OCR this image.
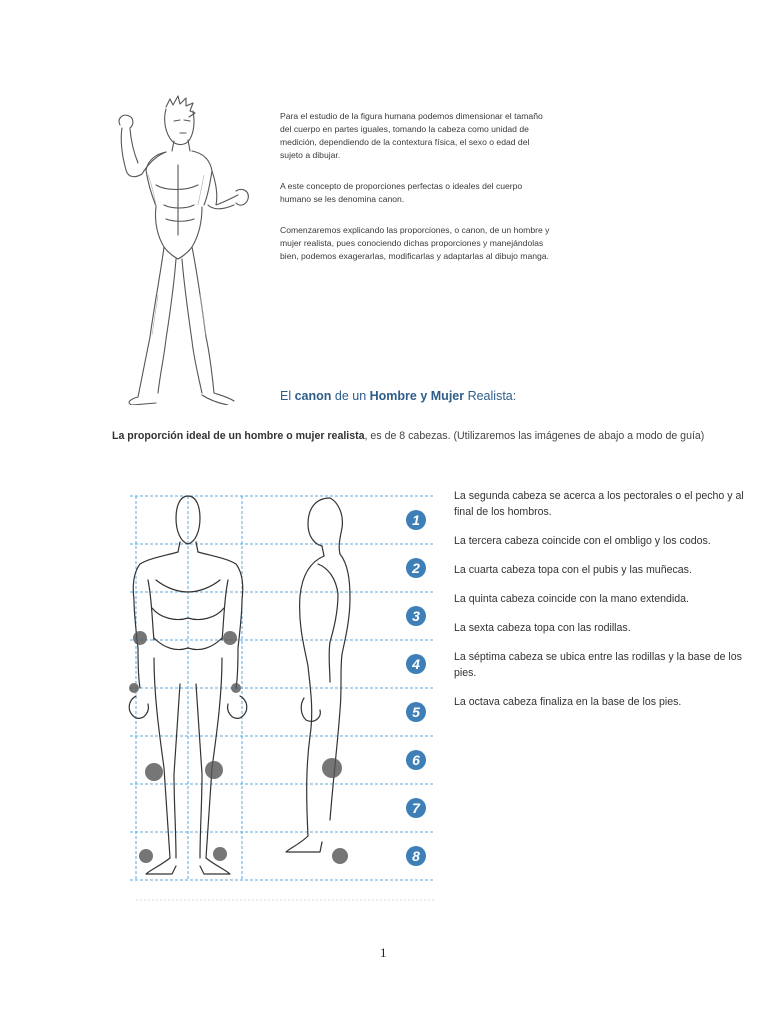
Para el estudio de la figura humana podemos dimensionar el tamaño del cuerpo en partes iguales, tomando la cabeza como unidad de medición, dependiendo de la contextura física, el sexo o edad del sujeto a dibujar.

A este concepto de proporciones perfectas o ideales del cuerpo humano se les denomina canon.

Comenzaremos explicando las proporciones, o canon, de un hombre y mujer realista, pues conociendo dichas proporciones y manejándolas bien, podemos exagerarlas, modificarlas y adaptarlas al dibujo manga.

El canon de un Hombre y Mujer Realista:
La proporción ideal de un hombre o mujer realista, es de 8 cabezas. (Utilizaremos las imágenes de abajo a modo de guía)
1
2
3
4
5
6
7
8

La segunda cabeza se acerca a los pectorales o el pecho y al final de los hombros.

La tercera cabeza coincide con el ombligo y los codos.

La cuarta cabeza topa con el pubis y las muñecas.

La quinta cabeza coincide con la mano extendida.

La sexta cabeza topa con las rodillas.

La séptima cabeza se ubica entre las rodillas y la base de los pies.

La octava cabeza finaliza en la base de los pies.

1
